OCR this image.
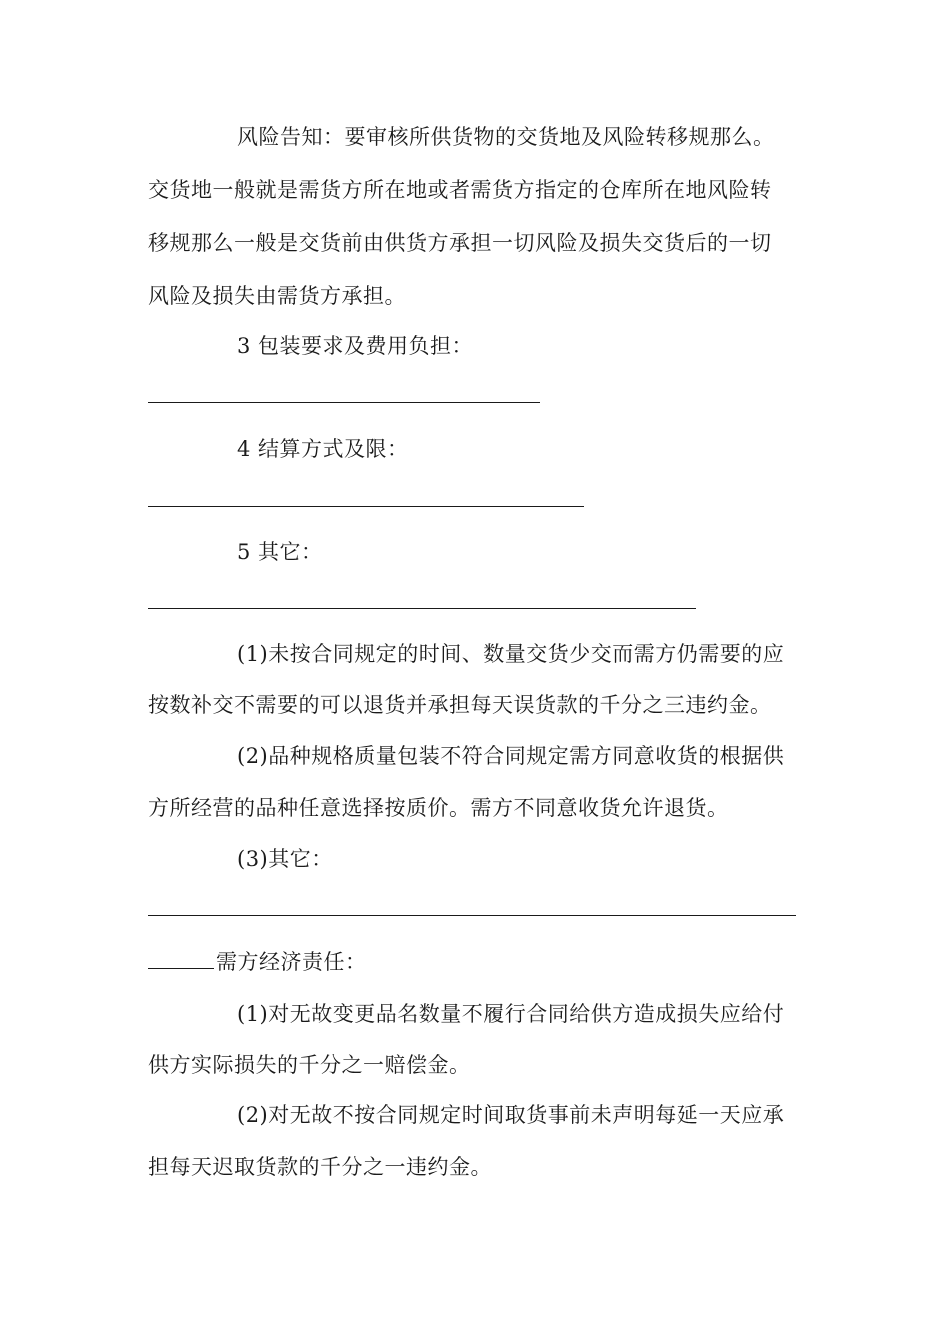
风险告知：要审核所供货物的交货地及风险转移规那么。
交货地一般就是需货方所在地或者需货方指定的仓库所在地风险转
移规那么一般是交货前由供货方承担一切风险及损失交货后的一切
风险及损失由需货方承担。
3 包装要求及费用负担：
4 结算方式及限：
5 其它：
(1)未按合同规定的时间、数量交货少交而需方仍需要的应
按数补交不需要的可以退货并承担每天误货款的千分之三违约金。
(2)品种规格质量包装不符合同规定需方同意收货的根据供
方所经营的品种任意选择按质价。需方不同意收货允许退货。
(3)其它：
需方经济责任：
(1)对无故变更品名数量不履行合同给供方造成损失应给付
供方实际损失的千分之一赔偿金。
(2)对无故不按合同规定时间取货事前未声明每延一天应承
担每天迟取货款的千分之一违约金。
